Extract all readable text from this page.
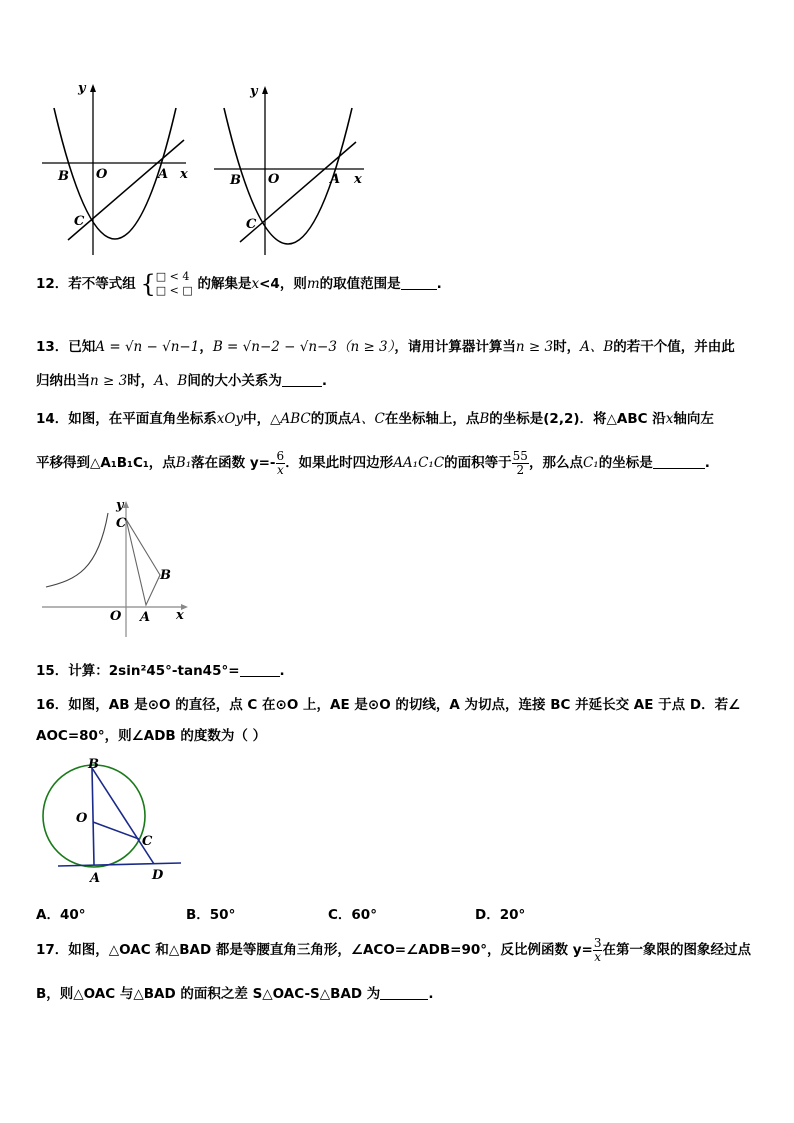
y
x
B O	A
C
y
x
B O	A
C
12．若不等式组 { □ < 4
□ < □ 的解集是x<4，则m的取值范围是	.
13．已知A = √n − √n−1，B = √n−2 − √n−3（n ≥ 3），请用计算器计算当n ≥ 3时，A、B的若干个值，并由此
归纳出当n ≥ 3时，A、B间的大小关系为	.
14．如图，在平面直角坐标系xOy中，△ABC的顶点A、C在坐标轴上，点B的坐标是(2,2)．将△ABC 沿x轴向左
平移得到△A₁B₁C₁，点B₁落在函数 $y=- \frac{6}{x}$ ．如果此时四边形AA₁C₁C的面积等于 $\frac{55}{2}$ ，那么点C₁的坐标是	.
y
C
B
O A x
15．计算：2sin²45°-tan45°=	.
16．如图，AB 是⊙O 的直径，点 C 在⊙O 上，AE 是⊙O 的切线，A 为切点，连接 BC 并延长交 AE 于点 D．若∠
AOC=80°，则∠ADB 的度数为（ ）
B
O
C
A	D
A．40°	B．50°	C．60°	D．20°
17．如图，△OAC 和△BAD 都是等腰直角三角形，∠ACO=∠ADB=90°，反比例函数 $y= \frac{3}{x}$ 在第一象限的图象经过点
B，则△OAC 与△BAD 的面积之差 S△OAC-S△BAD 为	.
